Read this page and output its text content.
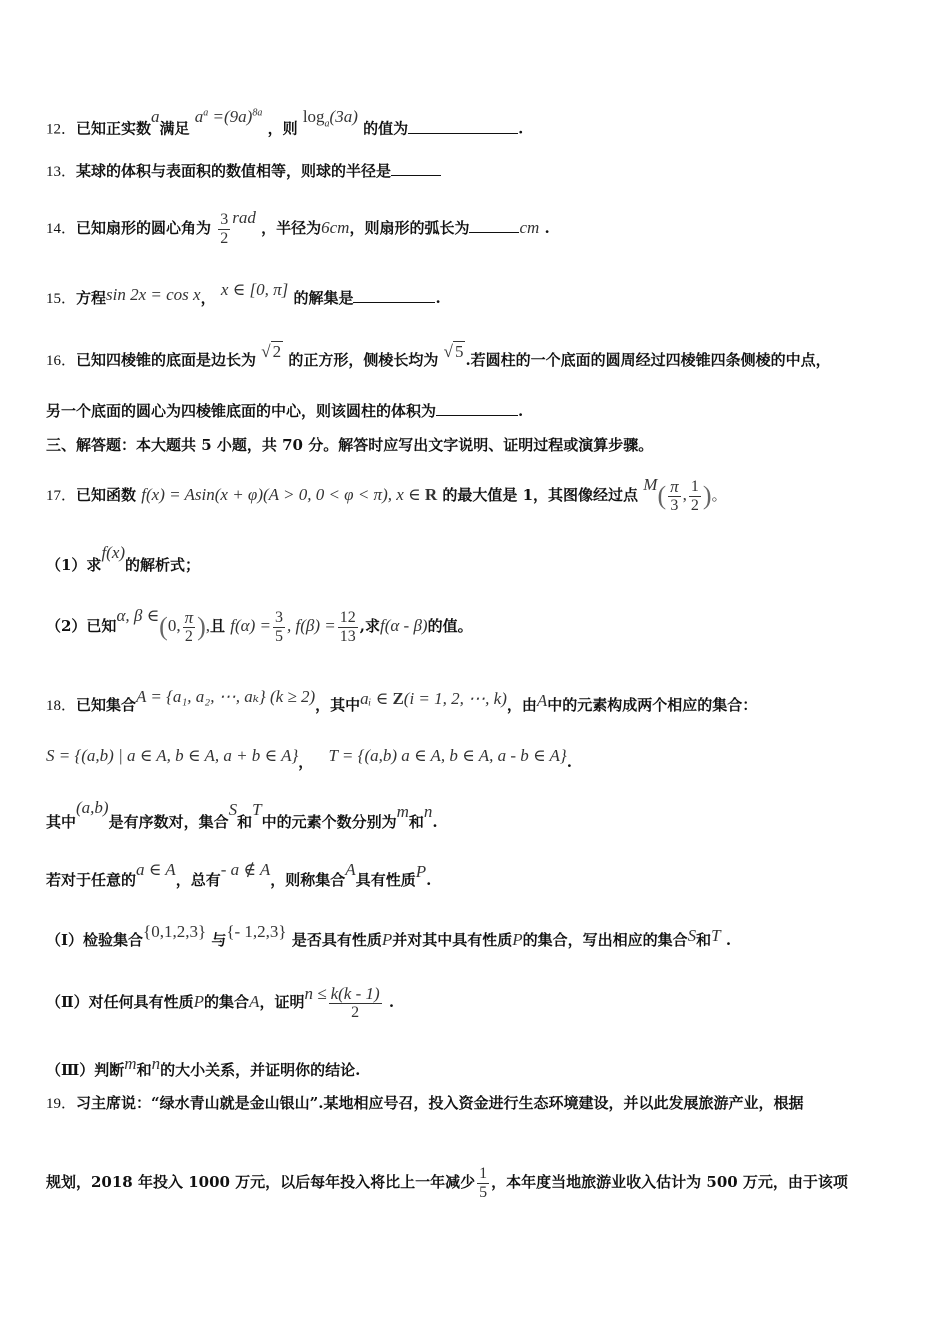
12．已知正实数a满足 $a^a =(9a)^{8a}$ ，则 $\log_a(3a)$ 的值为	.
13．某球的体积与表面积的数值相等，则球的半径是
14．已知扇形的圆心角为 $\frac{3}{2}$ rad ，半径为6cm，则扇形的弧长为	cm .
15．方程sin 2x = cos x， x ∈ [0, π] 的解集是	.
16．已知四棱锥的底面是边长为 √ 2 的正方形，侧棱长均为 √ 5 .若圆柱的一个底面的圆周经过四棱锥四条侧棱的中点，
另一个底面的圆心为四棱锥底面的中心，则该圆柱的体积为	.
三、解答题：本大题共 5 小题，共 70 分。解答时应写出文字说明、证明过程或演算步骤。
17．已知函数 f(x) = Asin(x + φ)(A > 0, 0 < φ < π), x ∈ R 的最大值是 1，其图像经过点 $M( \frac{\pi}{3}$ , $\frac{1}{2}$ )。
（1）求f(x)的解析式；
（2）已知α, β ∈(0, $\frac{\pi}{2}$ ),且 $f(\alpha) = \frac{3}{5}$ , $f(\beta) = \frac{12}{13}$ ,求f(α - β)的值。
18．已知集合A = {a₁, a₂, ⋯, aₖ} (k ≥ 2)，其中aᵢ ∈ Z(i = 1, 2, ⋯, k)，由A中的元素构成两个相应的集合：
S = {(a,b) | a ∈ A, b ∈ A, a + b ∈ A}， T = {(a,b) a ∈ A, b ∈ A, a - b ∈ A}.
其中(a,b)是有序数对，集合S和T中的元素个数分别为m和n.
若对于任意的a ∈ A，总有- a ∉ A，则称集合A具有性质P.
（Ⅰ）检验集合{0,1,2,3} 与{- 1,2,3} 是否具有性质P并对其中具有性质P的集合，写出相应的集合S和T .
（Ⅱ）对任何具有性质P的集合A，证明$n \le \frac{k(k - 1)}{2}$ .
（Ⅲ）判断m和n的大小关系，并证明你的结论.
19．习主席说：“绿水青山就是金山银山”.某地相应号召，投入资金进行生态环境建设，并以此发展旅游产业，根据
规划，2018 年投入 1000 万元，以后每年投入将比上一年减少 $\frac{1}{5}$ ，本年度当地旅游业收入估计为 500 万元，由于该项
